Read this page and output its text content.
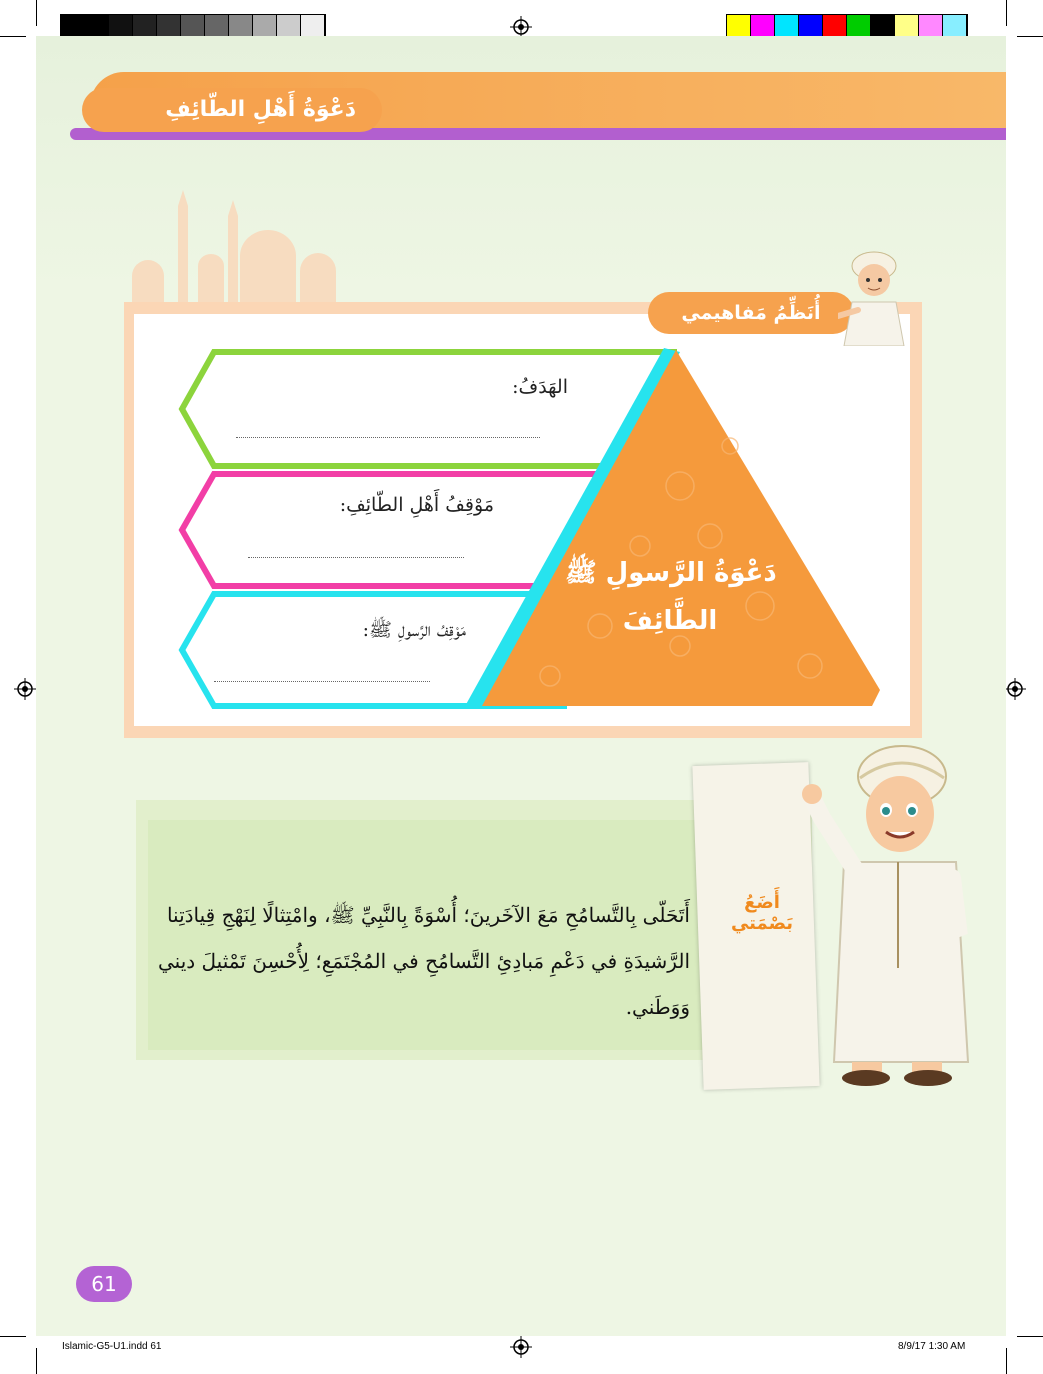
دَعْوَةُ أَهْلِ الطّائِفِ
دَعْوَةُ الرَّسولِ ﷺ
الطَّائِفَ
الهَدَفُ:
مَوْقِفُ أَهْلِ الطّائِفِ:
مَوْقِفُ الرَّسولِ ﷺ:
أُنَظِّمُ مَفاهيمي
أَضَعُ بَصْمَتي
أَتَحَلّى بِالتَّسامُحِ مَعَ الآخَرينَ؛ أُسْوَةً بِالنَّبِيِّ ﷺ، وامْتِثالًا لِنَهْجِ قِيادَتِنا
الرَّشيدَةِ في دَعْمِ مَبادِئِ التَّسامُحِ في المُجْتَمَعِ؛ لِأُحْسِنَ تَمْثيلَ ديني وَوَطَني.
61
Islamic-G5-U1.indd 61	8/9/17 1:30 AM
